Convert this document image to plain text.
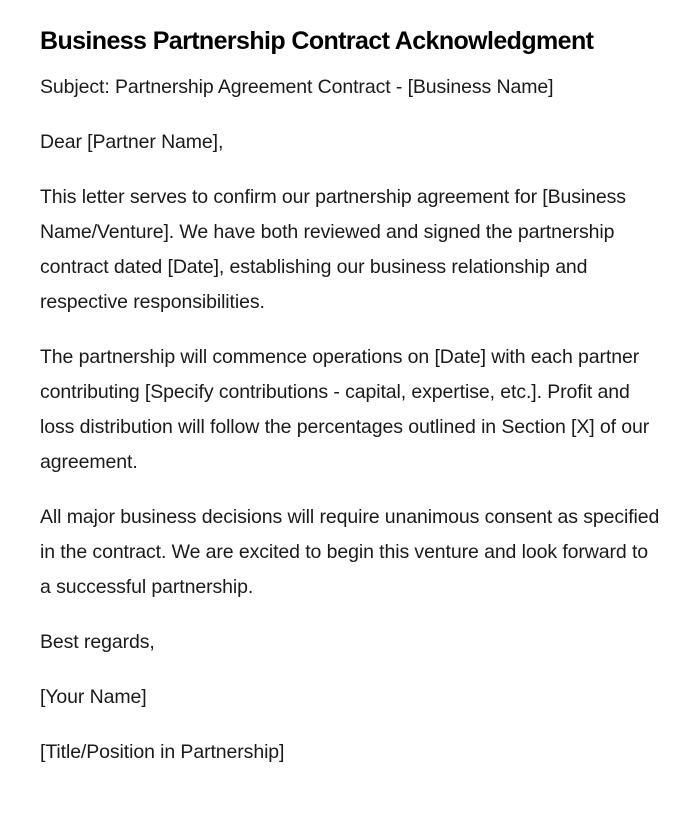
Business Partnership Contract Acknowledgment

Subject: Partnership Agreement Contract - [Business Name]

Dear [Partner Name],

This letter serves to confirm our partnership agreement for [Business Name/Venture]. We have both reviewed and signed the partnership contract dated [Date], establishing our business relationship and respective responsibilities.

The partnership will commence operations on [Date] with each partner contributing [Specify contributions - capital, expertise, etc.]. Profit and loss distribution will follow the percentages outlined in Section [X] of our agreement.

All major business decisions will require unanimous consent as specified in the contract. We are excited to begin this venture and look forward to a successful partnership.

Best regards,

[Your Name]

[Title/Position in Partnership]
